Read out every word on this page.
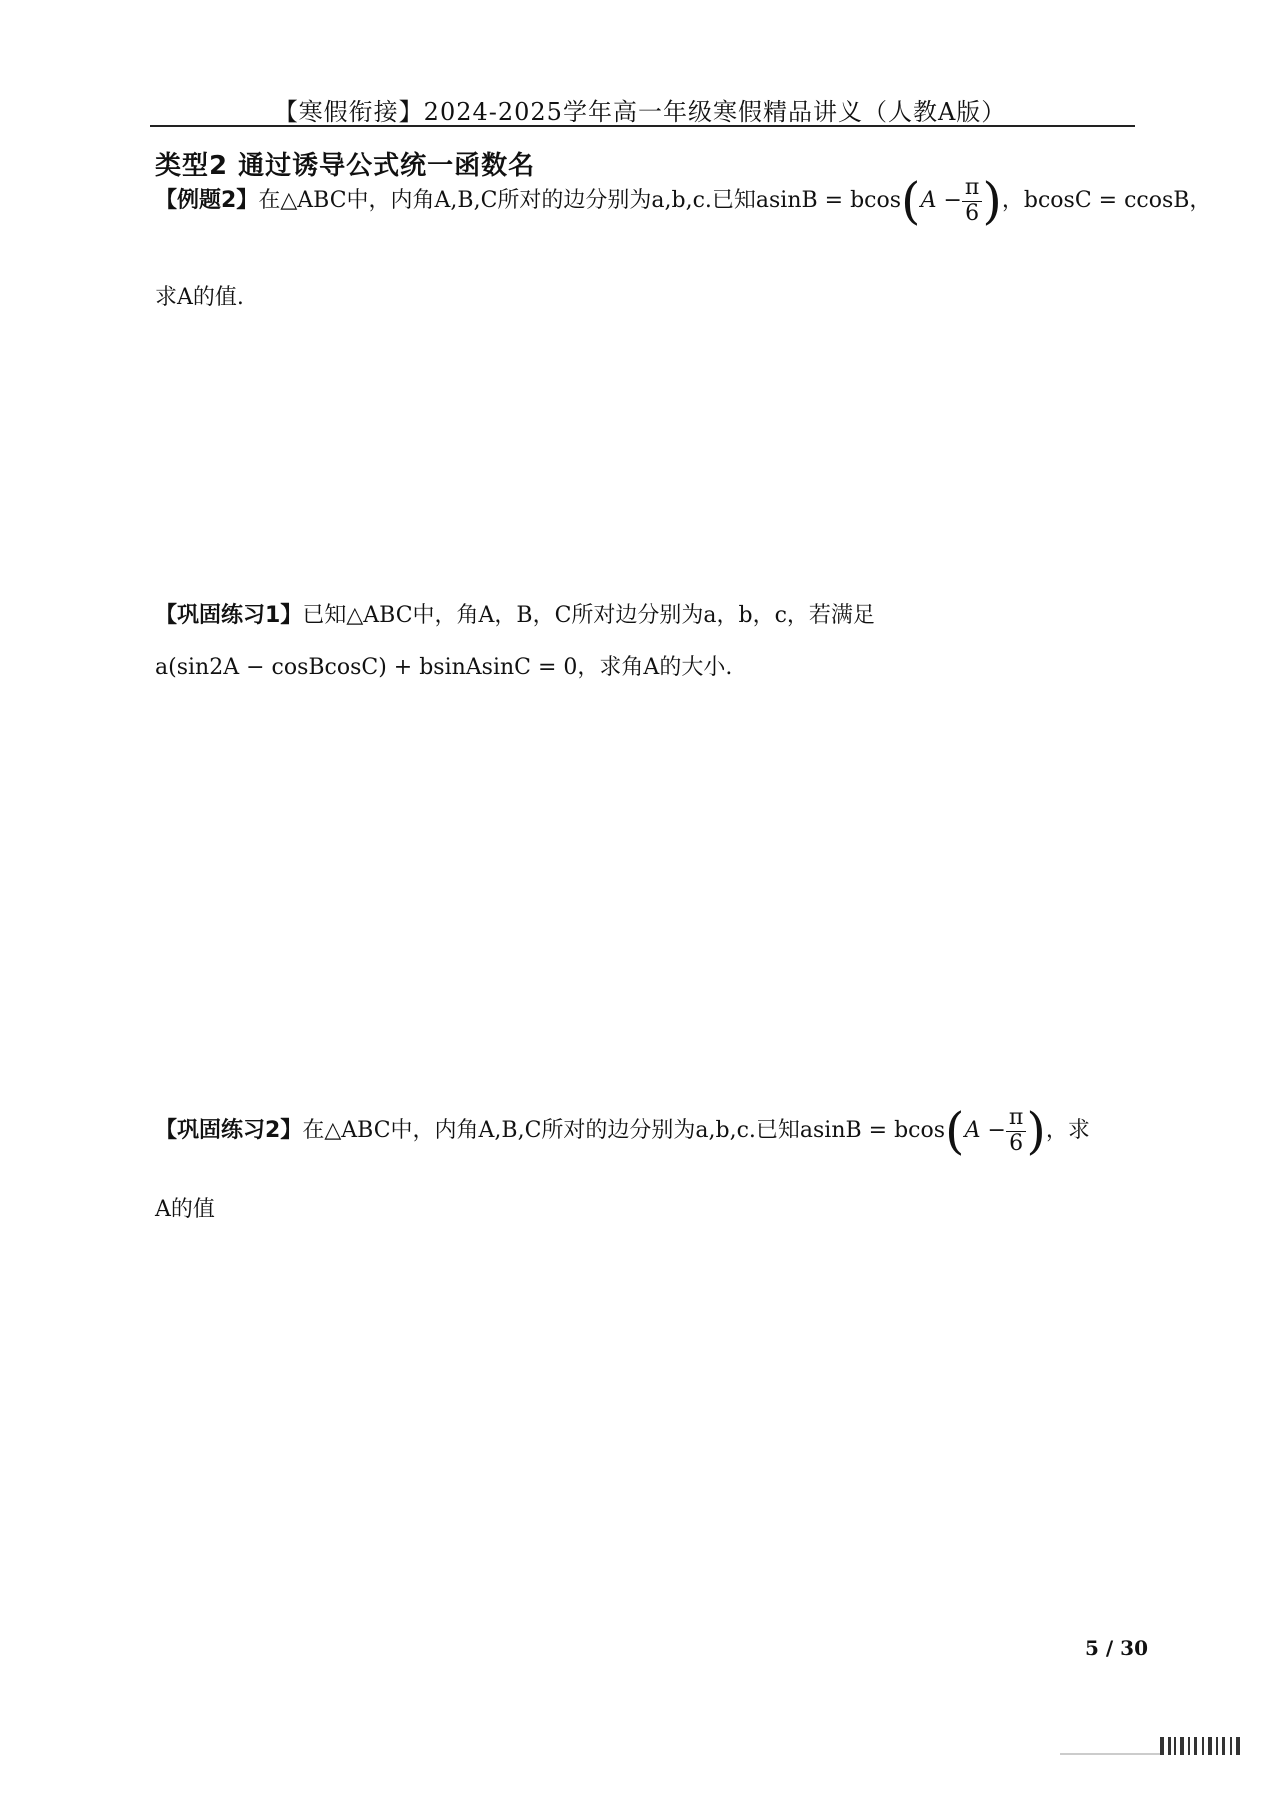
【寒假衔接】2024-2025学年高一年级寒假精品讲义（人教A版）
类型2 通过诱导公式统一函数名
【例题2】在△ABC中，内角A,B,C所对的边分别为a,b,c.已知$asinB = bcos(A - \frac{\pi}{6}$ )，bcosC = ccosB，
求A的值.
【巩固练习1】已知△ABC中，角A，B，C所对边分别为a，b，c，若满足
a(sin2A − cosBcosC) + bsinAsinC = 0，求角A的大小.
【巩固练习2】在△ABC中，内角A,B,C所对的边分别为a,b,c.已知$asinB = bcos(A - \frac{\pi}{6}$ )，求
A的值
5 / 30
